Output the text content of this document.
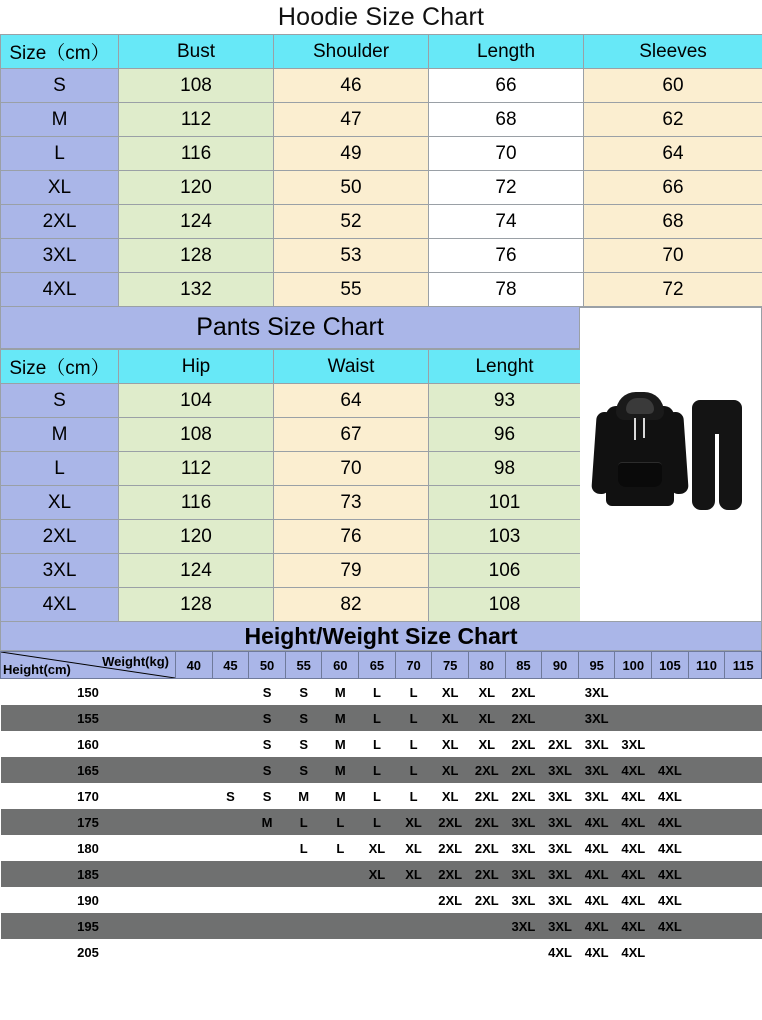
Hoodie Size Chart
Size（cm）	Bust	Shoulder	Length	Sleeves
S	108	46	66	60
M	112	47	68	62
L	116	49	70	64
XL	120	50	72	66
2XL	124	52	74	68
3XL	128	53	76	70
4XL	132	55	78	72
Pants Size Chart
Size（cm）	Hip	Waist	Lenght
S	104	64	93
M	108	67	96
L	112	70	98
XL	116	73	101
2XL	120	76	103
3XL	124	79	106
4XL	128	82	108
Height/Weight Size Chart
Weight(kg)
Height(cm)	40	45	50	55	60	65	70	75	80	85	90	95	100	105	110	115
150			S	S	M	L	L	XL	XL	2XL		3XL				
155			S	S	M	L	L	XL	XL	2XL		3XL				
160			S	S	M	L	L	XL	XL	2XL	2XL	3XL	3XL			
165			S	S	M	L	L	XL	2XL	2XL	3XL	3XL	4XL	4XL		
170		S	S	M	M	L	L	XL	2XL	2XL	3XL	3XL	4XL	4XL		
175			M	L	L	L	XL	2XL	2XL	3XL	3XL	4XL	4XL	4XL		
180				L	L	XL	XL	2XL	2XL	3XL	3XL	4XL	4XL	4XL		
185						XL	XL	2XL	2XL	3XL	3XL	4XL	4XL	4XL		
190								2XL	2XL	3XL	3XL	4XL	4XL	4XL		
195										3XL	3XL	4XL	4XL	4XL		
205											4XL	4XL	4XL			
